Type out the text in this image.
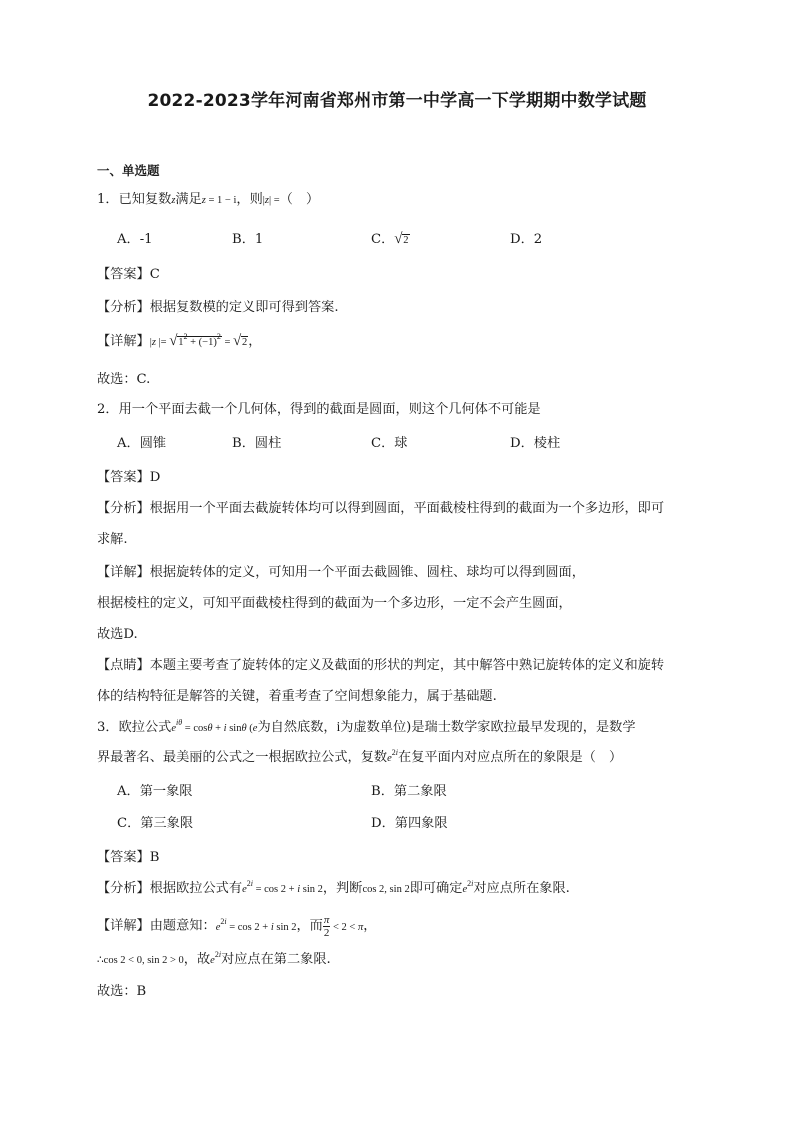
2022-2023学年河南省郑州市第一中学高一下学期期中数学试题
一、单选题
1．已知复数z满足z = 1 − i，则|z| =（　）
A．-1	B．1	C． √ 2	D．2
【答案】C
【分析】根据复数模的定义即可得到答案.
【详解】|z |= √ $1^2 + (-1)^2$ = √ 2，
故选：C.
2．用一个平面去截一个几何体，得到的截面是圆面，则这个几何体不可能是
A．圆锥	B．圆柱	C．球	D．棱柱
【答案】D
【分析】根据用一个平面去截旋转体均可以得到圆面，平面截棱柱得到的截面为一个多边形，即可
求解.
【详解】根据旋转体的定义，可知用一个平面去截圆锥、圆柱、球均可以得到圆面，
根据棱柱的定义，可知平面截棱柱得到的截面为一个多边形，一定不会产生圆面，
故选D.
【点睛】本题主要考查了旋转体的定义及截面的形状的判定，其中解答中熟记旋转体的定义和旋转
体的结构特征是解答的关键，着重考查了空间想象能力，属于基础题.
3．欧拉公式$e^{i\theta} = \cos\theta + i$ sinθ (e为自然底数，i为虚数单位)是瑞士数学家欧拉最早发现的，是数学
界最著名、最美丽的公式之一根据欧拉公式，复数$e^{2i}$在复平面内对应点所在的象限是（　）
A．第一象限	B．第二象限
C．第三象限	D．第四象限
【答案】B
【分析】根据欧拉公式有$e^{2i} = \cos 2 + i$ sin 2，判断cos 2, sin 2即可确定$e^{2i}$对应点所在象限.
【详解】由题意知：$e^{2i} = \cos 2 + i$ sin 2，而 $\frac{\pi}{2} < 2 < \pi$，
∴cos 2 < 0, sin 2 > 0，故$e^{2i}$对应点在第二象限.
故选：B
